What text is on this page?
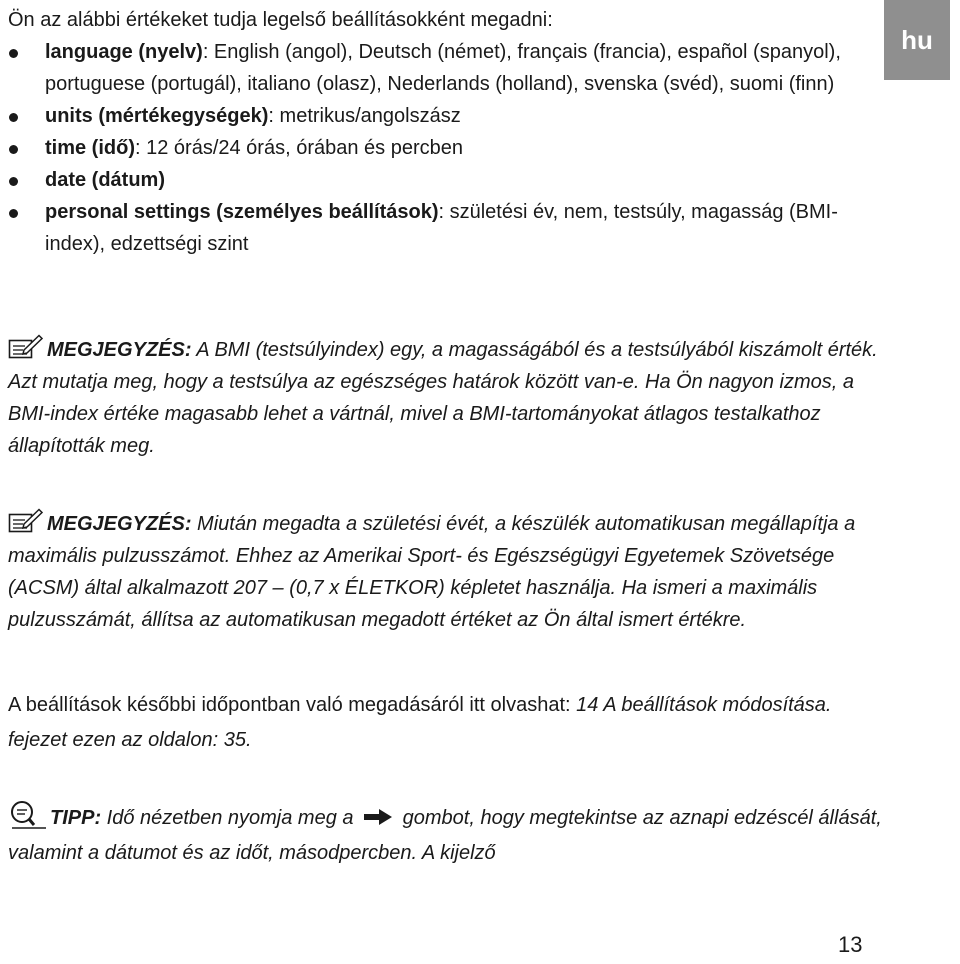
hu
Ön az alábbi értékeket tudja legelső beállításokként megadni:
language (nyelv): English (angol), Deutsch (német), français (francia), español (spanyol), portuguese (portugál), italiano (olasz), Nederlands (holland), svenska (svéd), suomi (finn)
units (mértékegységek): metrikus/angolszász
time (idő): 12 órás/24 órás, órában és percben
date (dátum)
personal settings (személyes beállítások): születési év, nem, testsúly, magasság (BMI-index), edzettségi szint
MEGJEGYZÉS: A BMI (testsúlyindex) egy, a magasságából és a testsúlyából kiszámolt érték. Azt mutatja meg, hogy a testsúlya az egészséges határok között van-e. Ha Ön nagyon izmos, a BMI-index értéke magasabb lehet a vártnál, mivel a BMI-tartományokat átlagos testalkathoz állapították meg.
MEGJEGYZÉS: Miután megadta a születési évét, a készülék automatikusan megállapítja a maximális pulzusszámot. Ehhez az Amerikai Sport- és Egészségügyi Egyetemek Szövetsége (ACSM) által alkalmazott 207 – (0,7 x ÉLETKOR) képletet használja. Ha ismeri a maximális pulzusszámát, állítsa az automatikusan megadott értéket az Ön által ismert értékre.
A beállítások későbbi időpontban való megadásáról itt olvashat: 14 A beállítások módosítása. fejezet ezen az oldalon: 35.
TIPP: Idő nézetben nyomja meg a  gombot, hogy megtekintse az aznapi edzéscél állását, valamint a dátumot és az időt, másodpercben. A kijelző
13
